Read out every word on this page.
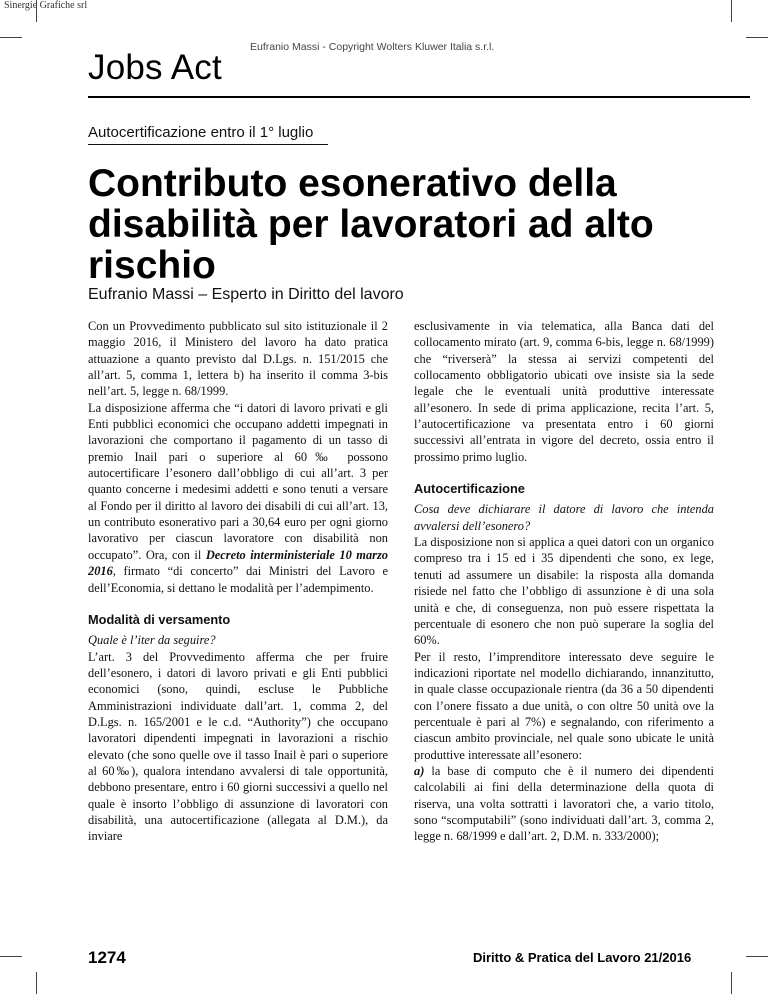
Sinergie Grafiche srl
Eufranio Massi - Copyright Wolters Kluwer Italia s.r.l.
Jobs Act
Autocertificazione entro il 1° luglio
Contributo esonerativo della disabilità per lavoratori ad alto rischio
Eufranio Massi – Esperto in Diritto del lavoro

Con un Provvedimento pubblicato sul sito istituzionale il 2 maggio 2016, il Ministero del lavoro ha dato pratica attuazione a quanto previsto dal D.Lgs. n. 151/2015 che all’art. 5, comma 1, lettera b) ha inserito il comma 3-bis nell’art. 5, legge n. 68/1999.

La disposizione afferma che “i datori di lavoro privati e gli Enti pubblici economici che occupano addetti impegnati in lavorazioni che comportano il pagamento di un tasso di premio Inail pari o superiore al 60‰ possono autocertificare l’esonero dall’obbligo di cui all’art. 3 per quanto concerne i medesimi addetti e sono tenuti a versare al Fondo per il diritto al lavoro dei disabili di cui all’art. 13, un contributo esonerativo pari a 30,64 euro per ogni giorno lavorativo per ciascun lavoratore con disabilità non occupato”. Ora, con il Decreto interministeriale 10 marzo 2016, firmato “di concerto” dai Ministri del Lavoro e dell’Economia, si dettano le modalità per l’adempimento.

Modalità di versamento

Quale è l’iter da seguire?

L’art. 3 del Provvedimento afferma che per fruire dell’esonero, i datori di lavoro privati e gli Enti pubblici economici (sono, quindi, escluse le Pubbliche Amministrazioni individuate dall’art. 1, comma 2, del D.Lgs. n. 165/2001 e le c.d. “Authority”) che occupano lavoratori dipendenti impegnati in lavorazioni a rischio elevato (che sono quelle ove il tasso Inail è pari o superiore al 60‰), qualora intendano avvalersi di tale opportunità, debbono presentare, entro i 60 giorni successivi a quello nel quale è insorto l’obbligo di assunzione di lavoratori con disabilità, una autocertificazione (allegata al D.M.), da inviare

esclusivamente in via telematica, alla Banca dati del collocamento mirato (art. 9, comma 6-bis, legge n. 68/1999) che “riverserà” la stessa ai servizi competenti del collocamento obbligatorio ubicati ove insiste sia la sede legale che le eventuali unità produttive interessate all’esonero. In sede di prima applicazione, recita l’art. 5, l’autocertificazione va presentata entro i 60 giorni successivi all’entrata in vigore del decreto, ossia entro il prossimo primo luglio.

Autocertificazione

Cosa deve dichiarare il datore di lavoro che intenda avvalersi dell’esonero?

La disposizione non si applica a quei datori con un organico compreso tra i 15 ed i 35 dipendenti che sono, ex lege, tenuti ad assumere un disabile: la risposta alla domanda risiede nel fatto che l’obbligo di assunzione è di una sola unità e che, di conseguenza, non può essere rispettata la percentuale di esonero che non può superare la soglia del 60%.

Per il resto, l’imprenditore interessato deve seguire le indicazioni riportate nel modello dichiarando, innanzitutto, in quale classe occupazionale rientra (da 36 a 50 dipendenti con l’onere fissato a due unità, o con oltre 50 unità ove la percentuale è pari al 7%) e segnalando, con riferimento a ciascun ambito provinciale, nel quale sono ubicate le unità produttive interessate all’esonero:

a) la base di computo che è il numero dei dipendenti calcolabili ai fini della determinazione della quota di riserva, una volta sottratti i lavoratori che, a vario titolo, sono “scomputabili” (sono individuati dall’art. 3, comma 2, legge n. 68/1999 e dall’art. 2, D.M. n. 333/2000);

1274	Diritto & Pratica del Lavoro 21/2016
